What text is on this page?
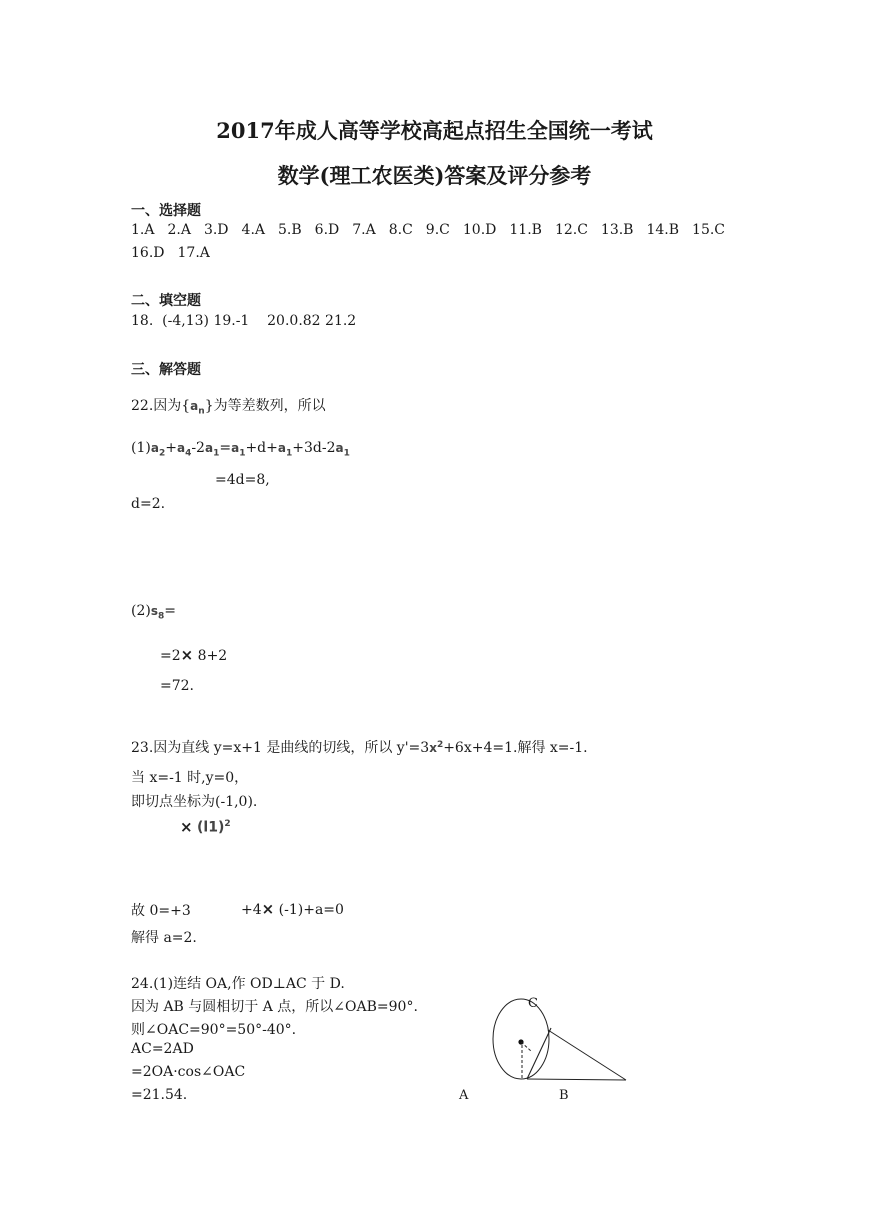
2017年成人高等学校高起点招生全国统一考试
数学(理工农医类)答案及评分参考
一、选择题
1.A 2.A 3.D 4.A 5.B 6.D 7.A 8.C 9.C 10.D 11.B 12.C 13.B 14.B 15.C
16.D 17.A
二、填空题
18.  (-4,13) 19.-1    20.0.82 21.2
三、解答题
22.因为$\{a_n\}$为等差数列，所以
$(1)a_2+a_4-2a_1=a_1+d+a_1+3d-2a_1$
=4d=8,
d=2.
$(2)s_8=$
=2× 8+2
=72.
23.因为直线 y=x+1 是曲线的切线，所以 $y'=3x^2+6x+4=1$.解得 x=-1.
当 x=-1 时,y=0，
即切点坐标为(-1,0).
× $(l1)^2$
故 0=+3	+4× (-1)+a=0
解得 a=2.
24.(1)连结 OA,作 OD⊥AC 于 D.
因为 AB 与圆相切于 A 点，所以∠OAB=90°.
则∠OAC=90°=50°-40°.
AC=2AD
=2OA·cos∠OAC
=21.54.
C
A	B
